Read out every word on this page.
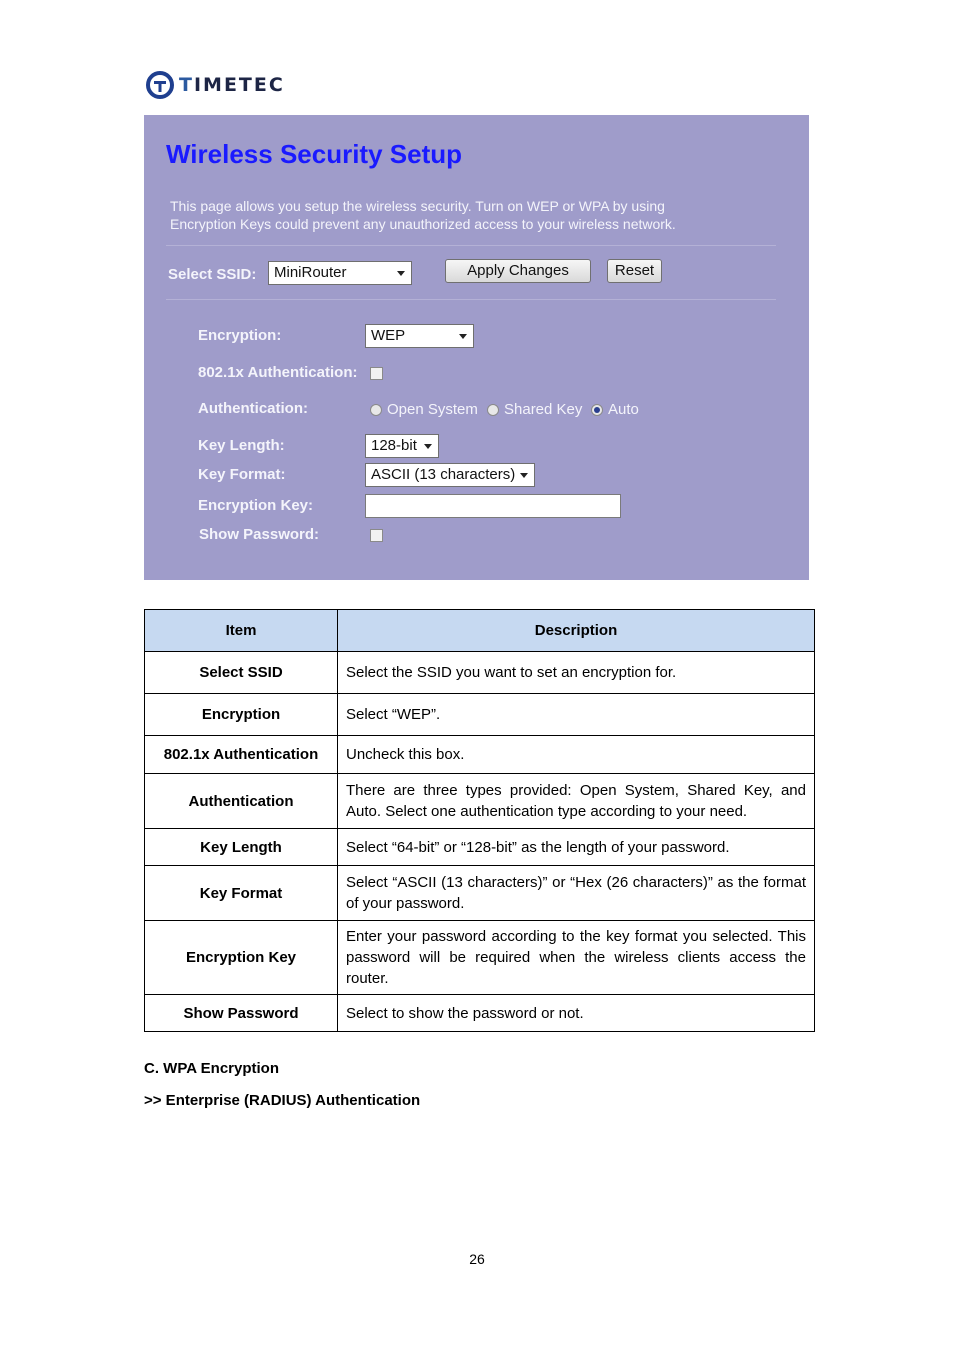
TIMETEC
Wireless Security Setup
This page allows you setup the wireless security. Turn on WEP or WPA by using Encryption Keys could prevent any unauthorized access to your wireless network.
Select SSID:	MiniRouter	Apply Changes	Reset
Encryption:	WEP
802.1x Authentication:
Authentication:	Open System Shared Key Auto
Key Length:	128-bit
Key Format:	ASCII (13 characters)
Encryption Key:
Show Password:
Item	Description
Select SSID	Select the SSID you want to set an encryption for.
Encryption	Select “WEP”.
802.1x Authentication	Uncheck this box.
Authentication	There are three types provided: Open System, Shared Key, and Auto. Select one authentication type according to your need.
Key Length	Select “64-bit” or “128-bit” as the length of your password.
Key Format	Select “ASCII (13 characters)” or “Hex (26 characters)” as the format of your password.
Encryption Key	Enter your password according to the key format you selected. This password will be required when the wireless clients access the router.
Show Password	Select to show the password or not.
C. WPA Encryption
>> Enterprise (RADIUS) Authentication
26
